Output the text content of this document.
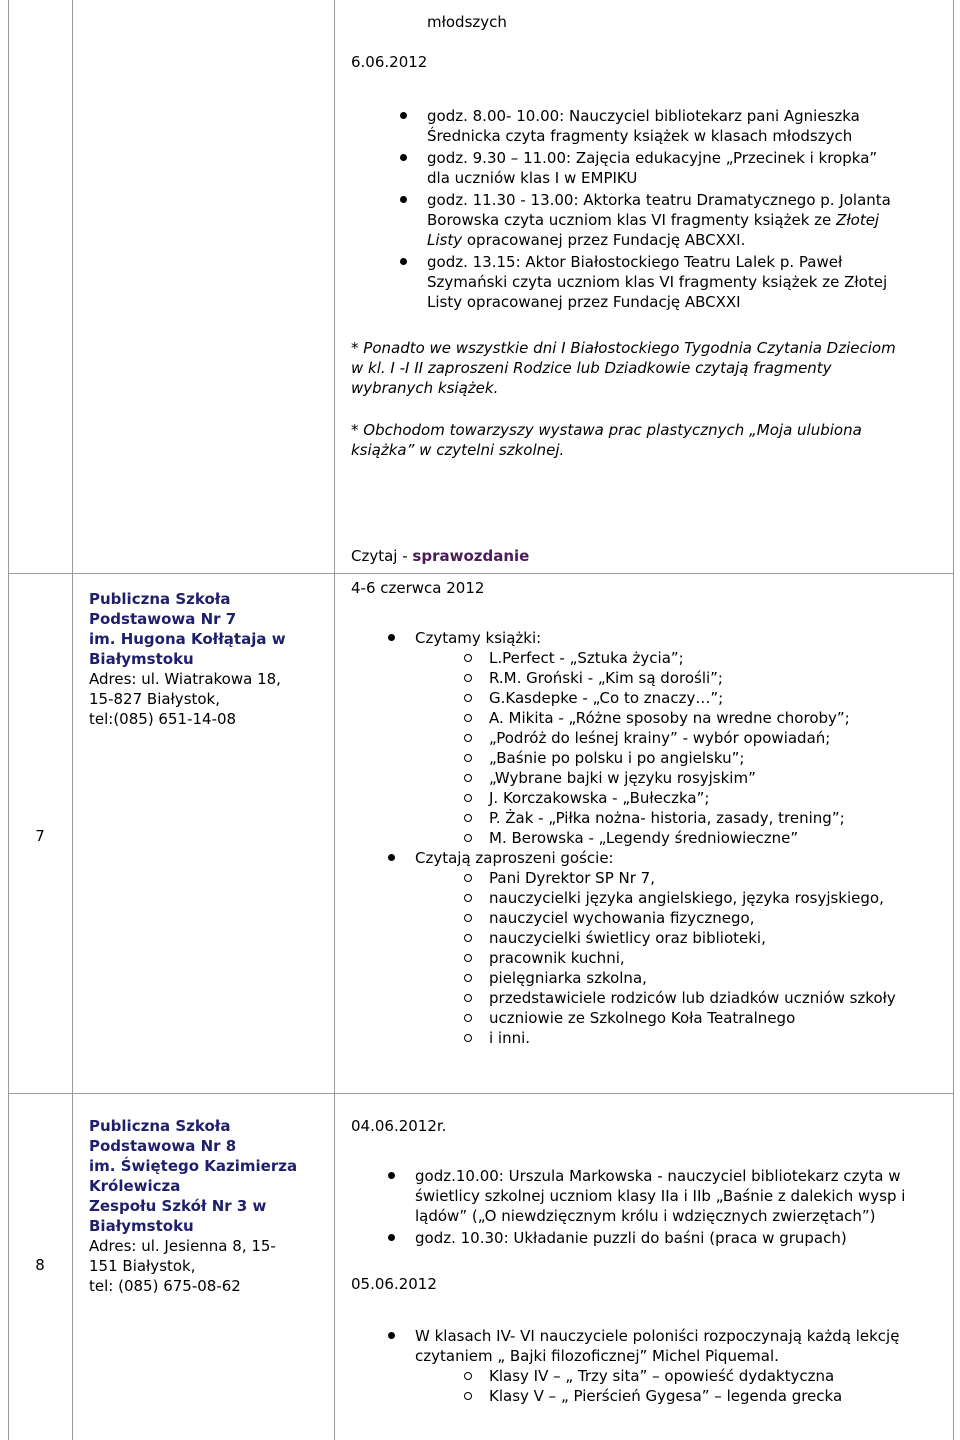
młodszych
6.06.2012
godz. 8.00- 10.00: Nauczyciel bibliotekarz pani Agnieszka Średnicka czyta fragmenty książek w klasach młodszych
godz. 9.30 – 11.00: Zajęcia edukacyjne „Przecinek i kropka” dla uczniów klas I w EMPIKU
godz. 11.30 - 13.00: Aktorka teatru Dramatycznego p. Jolanta Borowska czyta uczniom klas VI fragmenty książek ze Złotej Listy opracowanej przez Fundację ABCXXI.
godz. 13.15: Aktor Białostockiego Teatru Lalek p. Paweł Szymański czyta uczniom klas VI fragmenty książek ze Złotej Listy opracowanej przez Fundację ABCXXI
* Ponadto we wszystkie dni I Białostockiego Tygodnia Czytania Dzieciom w kl. I -I II zaproszeni Rodzice lub Dziadkowie czytają fragmenty wybranych książek.
* Obchodom towarzyszy wystawa prac plastycznych „Moja ulubiona książka” w czytelni szkolnej.
Czytaj - sprawozdanie
7
Publiczna Szkoła
Podstawowa Nr 7
im. Hugona Kołłątaja w
Białymstoku
Adres: ul. Wiatrakowa 18,
15-827 Białystok,
tel:(085) 651-14-08
4-6 czerwca 2012
Czytamy książki:
L.Perfect - „Sztuka życia”;
R.M. Groński - „Kim są dorośli”;
G.Kasdepke - „Co to znaczy…”;
A. Mikita - „Różne sposoby na wredne choroby”;
„Podróż do leśnej krainy” - wybór opowiadań;
„Baśnie po polsku i po angielsku”;
„Wybrane bajki w języku rosyjskim”
J. Korczakowska - „Bułeczka”;
P. Żak - „Piłka nożna- historia, zasady, trening”;
M. Berowska - „Legendy średniowieczne”
Czytają zaproszeni goście:
Pani Dyrektor SP Nr 7,
nauczycielki języka angielskiego, języka rosyjskiego,
nauczyciel wychowania fizycznego,
nauczycielki świetlicy oraz biblioteki,
pracownik kuchni,
pielęgniarka szkolna,
przedstawiciele rodziców lub dziadków uczniów szkoły
uczniowie ze Szkolnego Koła Teatralnego
i inni.
8
Publiczna Szkoła
Podstawowa Nr 8
im. Świętego Kazimierza
Królewicza
Zespołu Szkół Nr 3 w
Białymstoku
Adres: ul. Jesienna 8, 15-
151 Białystok,
tel: (085) 675-08-62
04.06.2012r.
godz.10.00: Urszula Markowska - nauczyciel bibliotekarz czyta w świetlicy szkolnej uczniom klasy IIa i IIb „Baśnie z dalekich wysp i lądów” („O niewdzięcznym królu i wdzięcznych zwierzętach”)
godz. 10.30: Układanie puzzli do baśni (praca w grupach)
05.06.2012
W klasach IV- VI nauczyciele poloniści rozpoczynają każdą lekcję czytaniem „ Bajki filozoficznej” Michel Piquemal.
Klasy IV – „ Trzy sita” – opowieść dydaktyczna
Klasy V – „ Pierścień Gygesa” – legenda grecka
